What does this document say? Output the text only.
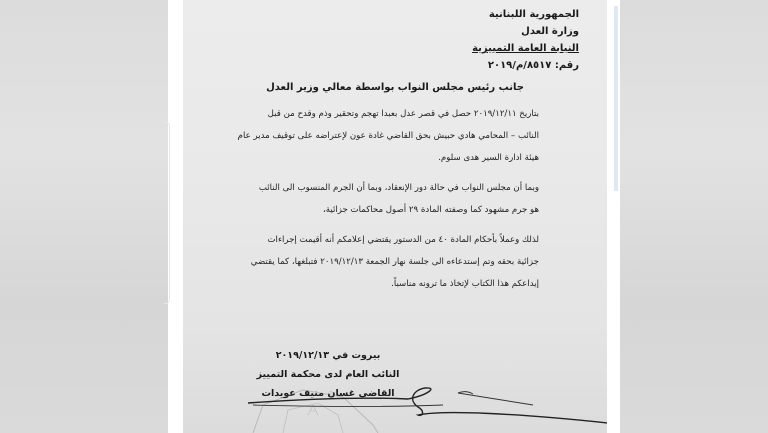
الجمهورية اللبنانية
وزارة العدل
النيابة العامة التمييزية
رقم: ٨٥١٧/م/٢٠١٩
جانب رئيس مجلس النواب بواسطة معالي وزير العدل

بتاريخ ٢٠١٩/١٢/١١ حصل في قصر عدل بعبدا تهجم وتحقير وذم وقدح من قبل

النائب – المحامي هادي حبيش بحق القاضي غادة عون لإعتراضه على توقيف مدير عام

هيئة ادارة السير هدى سلوم.

وبما أن مجلس النواب في حالة دور الإنعقاد، وبما أن الجرم المنسوب الى النائب

هو جرم مشهود كما وصفته المادة ٢٩ أصول محاكمات جزائية،

لذلك وعملاً بأحكام المادة ٤٠ من الدستور يقتضي إعلامكم أنه أقيمت إجراءات

جزائية بحقه وتم إستدعاءه الى جلسة نهار الجمعة ٢٠١٩/١٢/١٣ فتبلغها، كما يقتضي

إيداعكم هذا الكتاب لإتخاذ ما ترونه مناسباً.

بيروت في ٢٠١٩/١٢/١٣
النائب العام لدى محكمة التمييز
القاضي غسان منيف عويدات
